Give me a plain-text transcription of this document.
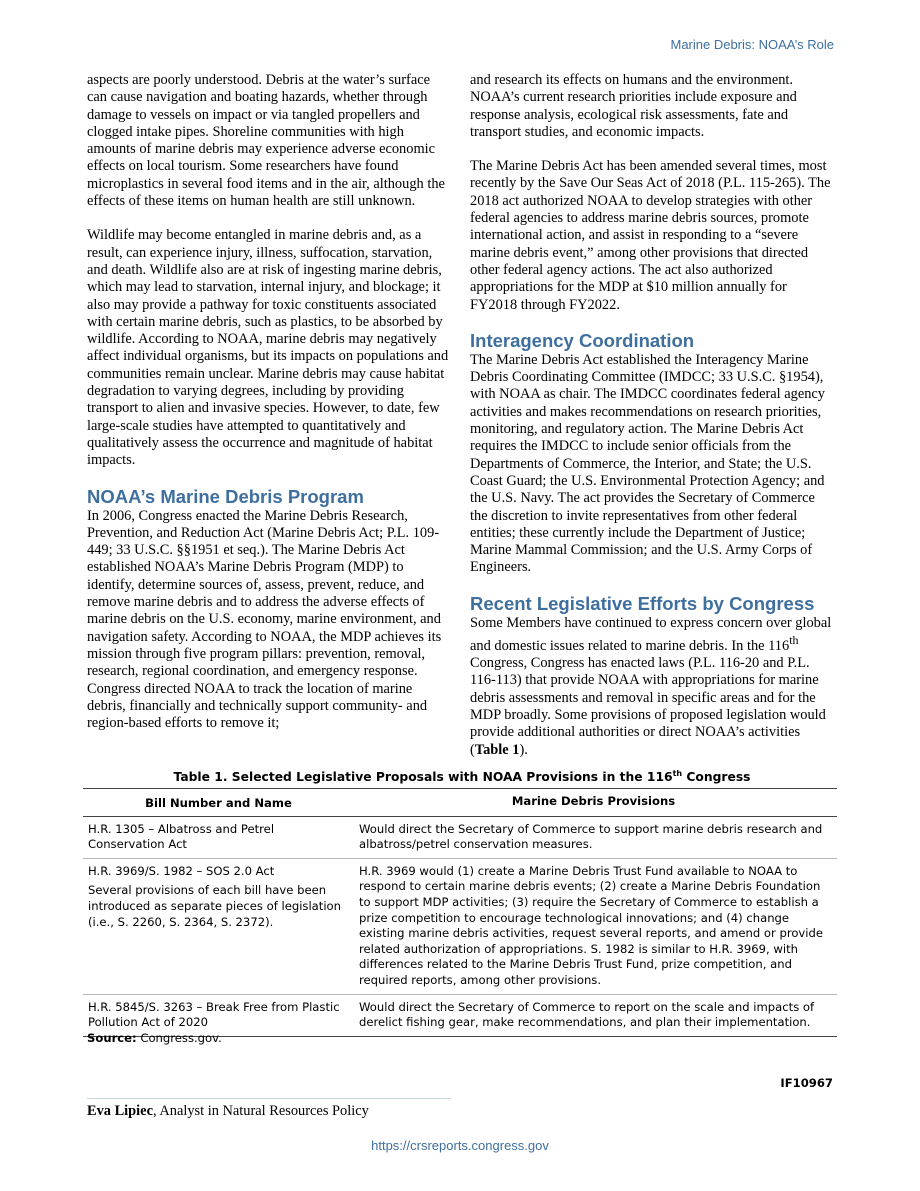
Marine Debris: NOAA’s Role

aspects are poorly understood. Debris at the water’s surface can cause navigation and boating hazards, whether through damage to vessels on impact or via tangled propellers and clogged intake pipes. Shoreline communities with high amounts of marine debris may experience adverse economic effects on local tourism. Some researchers have found microplastics in several food items and in the air, although the effects of these items on human health are still unknown.

Wildlife may become entangled in marine debris and, as a result, can experience injury, illness, suffocation, starvation, and death. Wildlife also are at risk of ingesting marine debris, which may lead to starvation, internal injury, and blockage; it also may provide a pathway for toxic constituents associated with certain marine debris, such as plastics, to be absorbed by wildlife. According to NOAA, marine debris may negatively affect individual organisms, but its impacts on populations and communities remain unclear. Marine debris may cause habitat degradation to varying degrees, including by providing transport to alien and invasive species. However, to date, few large-scale studies have attempted to quantitatively and qualitatively assess the occurrence and magnitude of habitat impacts.

NOAA’s Marine Debris Program

In 2006, Congress enacted the Marine Debris Research, Prevention, and Reduction Act (Marine Debris Act; P.L. 109-449; 33 U.S.C. §§1951 et seq.). The Marine Debris Act established NOAA’s Marine Debris Program (MDP) to identify, determine sources of, assess, prevent, reduce, and remove marine debris and to address the adverse effects of marine debris on the U.S. economy, marine environment, and navigation safety. According to NOAA, the MDP achieves its mission through five program pillars: prevention, removal, research, regional coordination, and emergency response. Congress directed NOAA to track the location of marine debris, financially and technically support community- and region-based efforts to remove it;

and research its effects on humans and the environment. NOAA’s current research priorities include exposure and response analysis, ecological risk assessments, fate and transport studies, and economic impacts.

The Marine Debris Act has been amended several times, most recently by the Save Our Seas Act of 2018 (P.L. 115-265). The 2018 act authorized NOAA to develop strategies with other federal agencies to address marine debris sources, promote international action, and assist in responding to a “severe marine debris event,” among other provisions that directed other federal agency actions. The act also authorized appropriations for the MDP at $10 million annually for FY2018 through FY2022.

Interagency Coordination

The Marine Debris Act established the Interagency Marine Debris Coordinating Committee (IMDCC; 33 U.S.C. §1954), with NOAA as chair. The IMDCC coordinates federal agency activities and makes recommendations on research priorities, monitoring, and regulatory action. The Marine Debris Act requires the IMDCC to include senior officials from the Departments of Commerce, the Interior, and State; the U.S. Coast Guard; the U.S. Environmental Protection Agency; and the U.S. Navy. The act provides the Secretary of Commerce the discretion to invite representatives from other federal entities; these currently include the Department of Justice; Marine Mammal Commission; and the U.S. Army Corps of Engineers.

Recent Legislative Efforts by Congress

Some Members have continued to express concern over global and domestic issues related to marine debris. In the 116th Congress, Congress has enacted laws (P.L. 116-20 and P.L. 116-113) that provide NOAA with appropriations for marine debris assessments and removal in specific areas and for the MDP broadly. Some provisions of proposed legislation would provide additional authorities or direct NOAA’s activities (Table 1).

Table 1. Selected Legislative Proposals with NOAA Provisions in the 116th Congress
Bill Number and Name	Marine Debris Provisions
H.R. 1305 – Albatross and Petrel Conservation Act	Would direct the Secretary of Commerce to support marine debris research and albatross/petrel conservation measures.
H.R. 3969/S. 1982 – SOS 2.0 Act
Several provisions of each bill have been introduced as separate pieces of legislation (i.e., S. 2260, S. 2364, S. 2372).	H.R. 3969 would (1) create a Marine Debris Trust Fund available to NOAA to respond to certain marine debris events; (2) create a Marine Debris Foundation to support MDP activities; (3) require the Secretary of Commerce to establish a prize competition to encourage technological innovations; and (4) change existing marine debris activities, request several reports, and amend or provide related authorization of appropriations. S. 1982 is similar to H.R. 3969, with differences related to the Marine Debris Trust Fund, prize competition, and required reports, among other provisions.
H.R. 5845/S. 3263 – Break Free from Plastic Pollution Act of 2020	Would direct the Secretary of Commerce to report on the scale and impacts of derelict fishing gear, make recommendations, and plan their implementation.
Source: Congress.gov.
IF10967
Eva Lipiec, Analyst in Natural Resources Policy
https://crsreports.congress.gov
